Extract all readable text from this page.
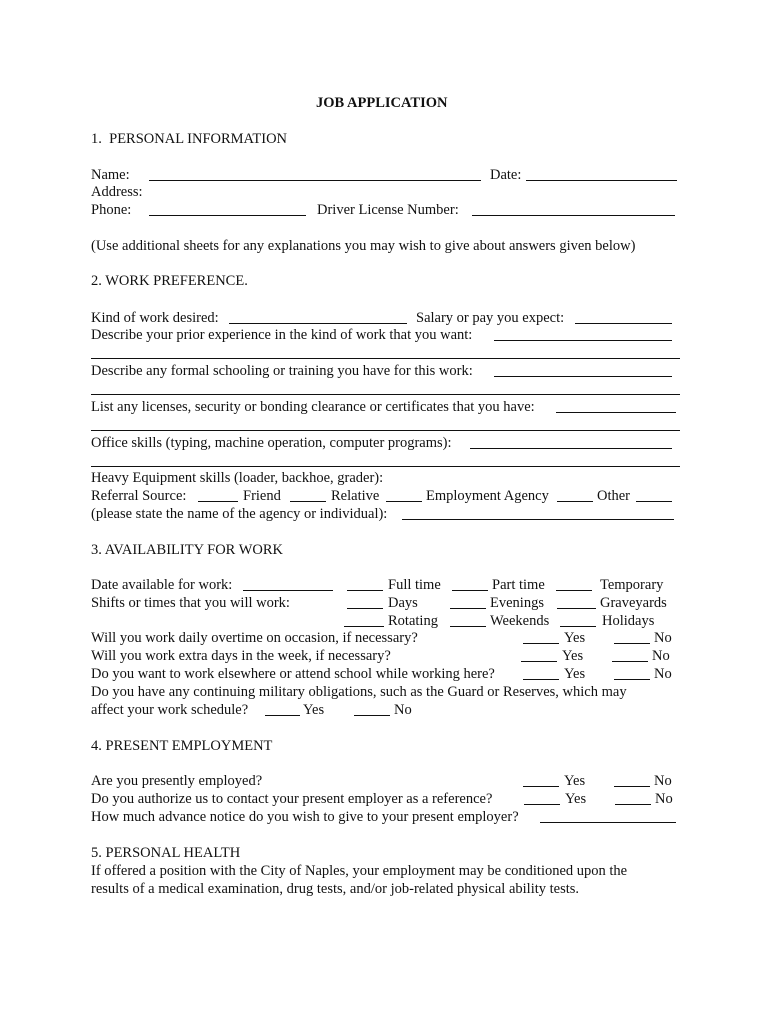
JOB APPLICATION
1.  PERSONAL INFORMATION
Name:	Date:
Address:
Phone:	Driver License Number:
(Use additional sheets for any explanations you may wish to give about answers given below)
2. WORK PREFERENCE.
Kind of work desired:	Salary or pay you expect:
Describe your prior experience in the kind of work that you want:
Describe any formal schooling or training you have for this work:
List any licenses, security or bonding clearance or certificates that you have:
Office skills (typing, machine operation, computer programs):
Heavy Equipment skills (loader, backhoe, grader):
Referral Source:	Friend	Relative	Employment Agency	Other
(please state the name of the agency or individual):
3. AVAILABILITY FOR WORK
Date available for work:	Full time	Part time	Temporary
Shifts or times that you will work:	Days	Evenings	Graveyards
Rotating	Weekends	Holidays
Will you work daily overtime on occasion, if necessary?	Yes	No
Will you work extra days in the week, if necessary?	Yes	No
Do you want to work elsewhere or attend school while working here?	Yes	No
Do you have any continuing military obligations, such as the Guard or Reserves, which may
affect your work schedule?	Yes	No
4. PRESENT EMPLOYMENT
Are you presently employed?	Yes	No
Do you authorize us to contact your present employer as a reference?	Yes	No
How much advance notice do you wish to give to your present employer?
5. PERSONAL HEALTH
If offered a position with the City of Naples, your employment may be conditioned upon the
results of a medical examination, drug tests, and/or job-related physical ability tests.
